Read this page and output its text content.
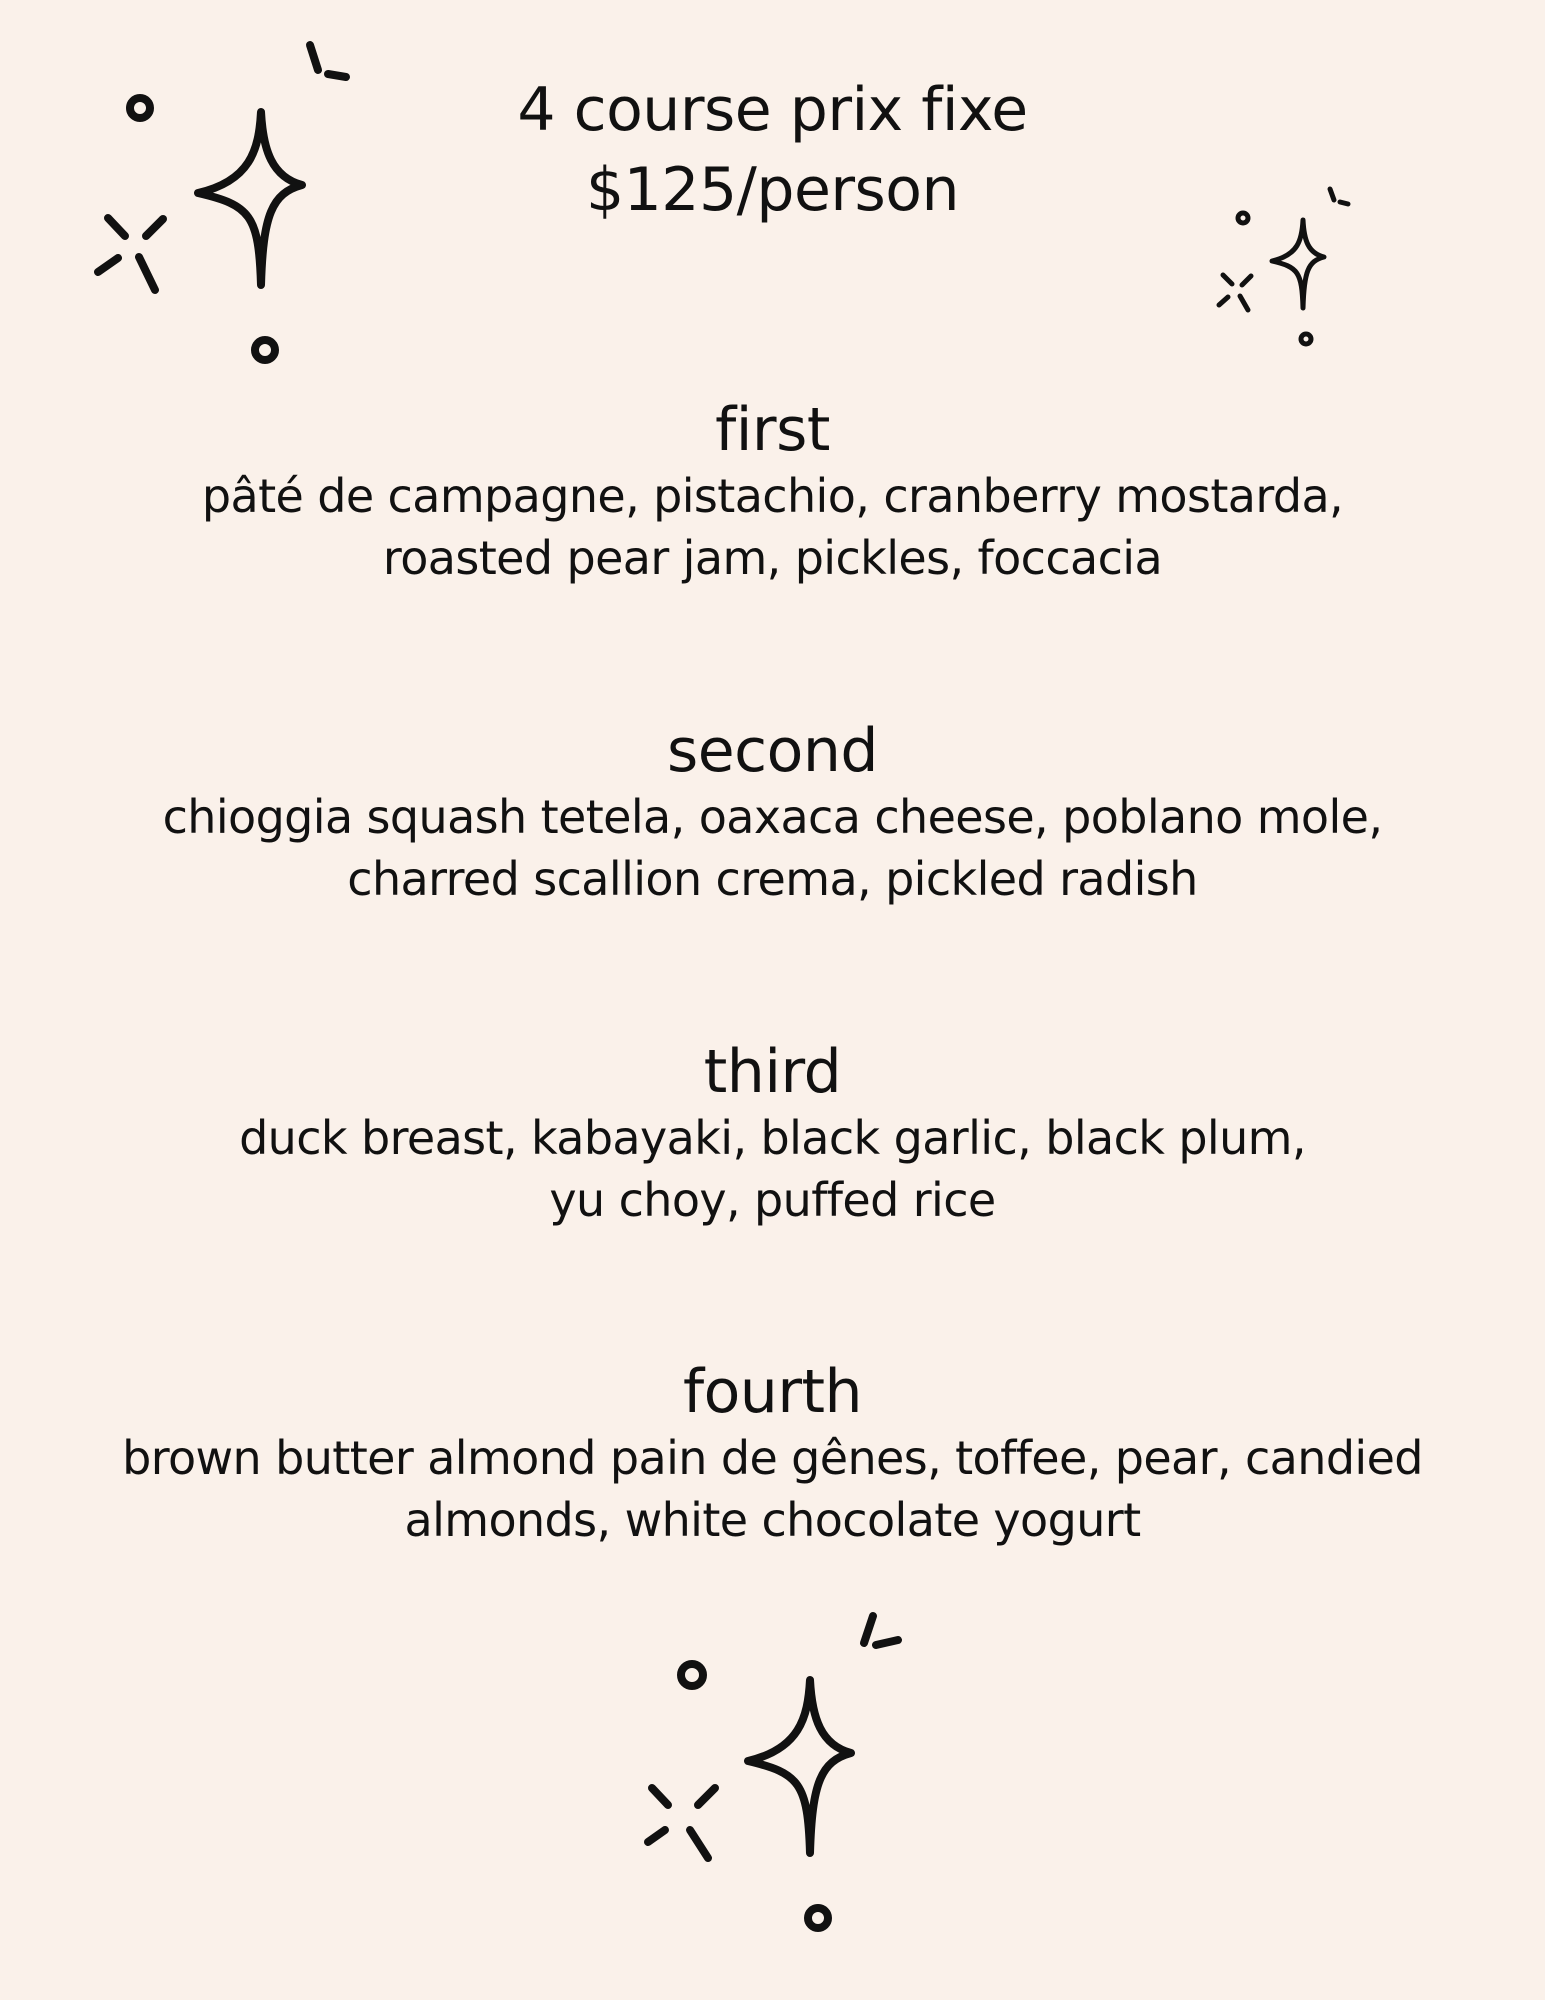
4 course prix fixe
$125/person
first
pâté de campagne, pistachio, cranberry mostarda,
roasted pear jam, pickles, foccacia
second
chioggia squash tetela, oaxaca cheese, poblano mole,
charred scallion crema, pickled radish
third
duck breast, kabayaki, black garlic, black plum,
yu choy, puffed rice
fourth
brown butter almond pain de gênes, toffee, pear, candied
almonds, white chocolate yogurt
